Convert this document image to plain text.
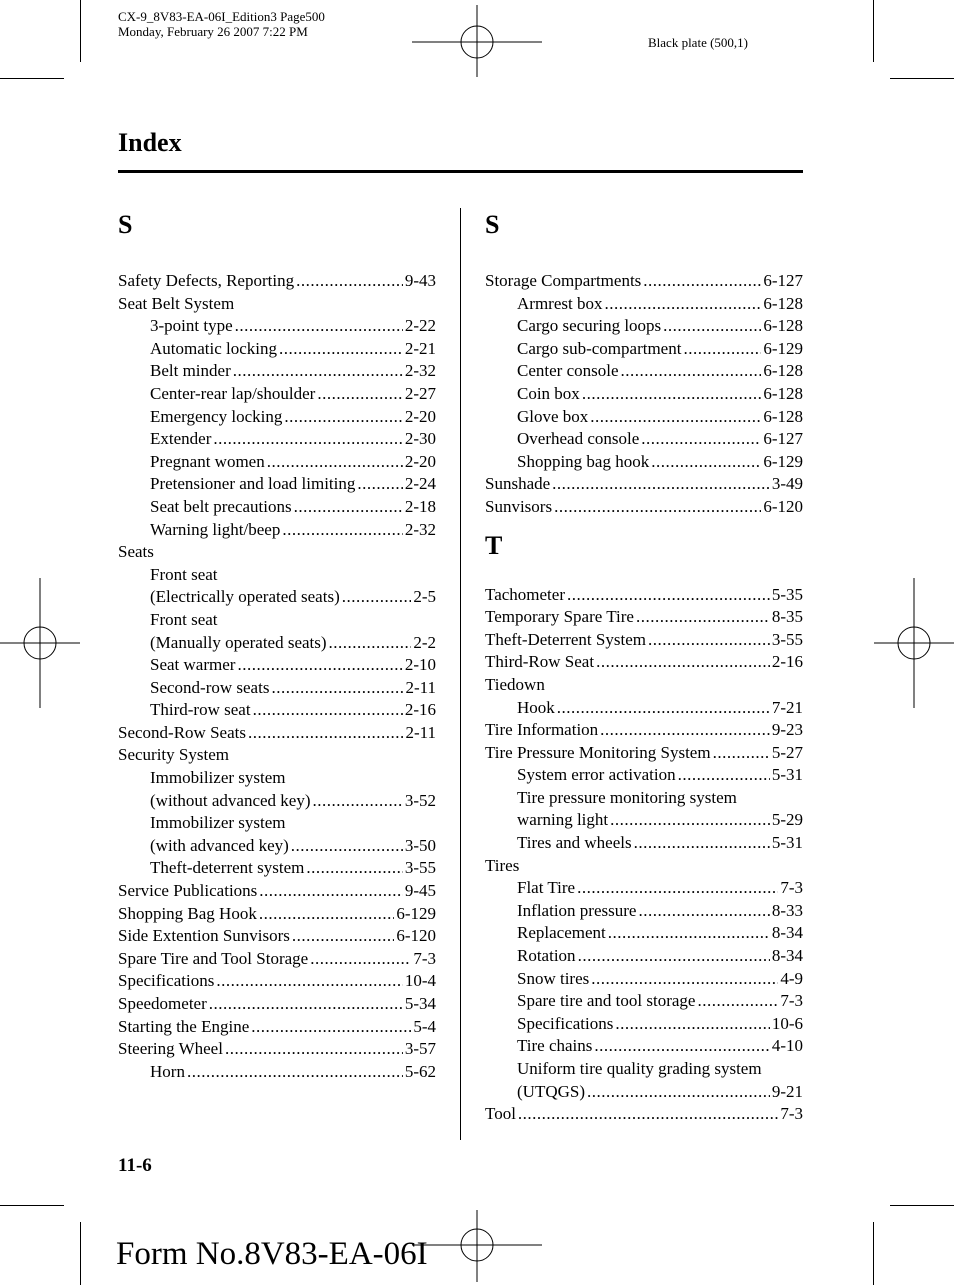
CX-9_8V83-EA-06I_Edition3 Page500
Monday, February 26 2007 7:22 PM
Black plate (500,1)
Index
S
Safety Defects, Reporting .....	9-43
Seat Belt System
3-point type .....	2-22
Automatic locking .....	2-21
Belt minder .....	2-32
Center-rear lap/shoulder .....	2-27
Emergency locking .....	2-20
Extender .....	2-30
Pregnant women .....	2-20
Pretensioner and load limiting .....	2-24
Seat belt precautions .....	2-18
Warning light/beep .....	2-32
Seats
Front seat
(Electrically operated seats) .....	2-5
Front seat
(Manually operated seats) .....	2-2
Seat warmer .....	2-10
Second-row seats .....	2-11
Third-row seat .....	2-16
Second-Row Seats .....	2-11
Security System
Immobilizer system
(without advanced key) .....	3-52
Immobilizer system
(with advanced key) .....	3-50
Theft-deterrent system .....	3-55
Service Publications .....	9-45
Shopping Bag Hook .....	6-129
Side Extention Sunvisors .....	6-120
Spare Tire and Tool Storage .....	7-3
Specifications .....	10-4
Speedometer .....	5-34
Starting the Engine .....	5-4
Steering Wheel .....	3-57
Horn .....	5-62
S
Storage Compartments .....	6-127
Armrest box .....	6-128
Cargo securing loops .....	6-128
Cargo sub-compartment .....	6-129
Center console .....	6-128
Coin box .....	6-128
Glove box .....	6-128
Overhead console .....	6-127
Shopping bag hook .....	6-129
Sunshade .....	3-49
Sunvisors .....	6-120
T
Tachometer .....	5-35
Temporary Spare Tire .....	8-35
Theft-Deterrent System .....	3-55
Third-Row Seat .....	2-16
Tiedown
Hook .....	7-21
Tire Information .....	9-23
Tire Pressure Monitoring System .....	5-27
System error activation .....	5-31
Tire pressure monitoring system
warning light .....	5-29
Tires and wheels .....	5-31
Tires
Flat Tire .....	7-3
Inflation pressure .....	8-33
Replacement .....	8-34
Rotation .....	8-34
Snow tires .....	4-9
Spare tire and tool storage .....	7-3
Specifications .....	10-6
Tire chains .....	4-10
Uniform tire quality grading system
(UTQGS) .....	9-21
Tool .....	7-3
11-6
Form No.8V83-EA-06I
